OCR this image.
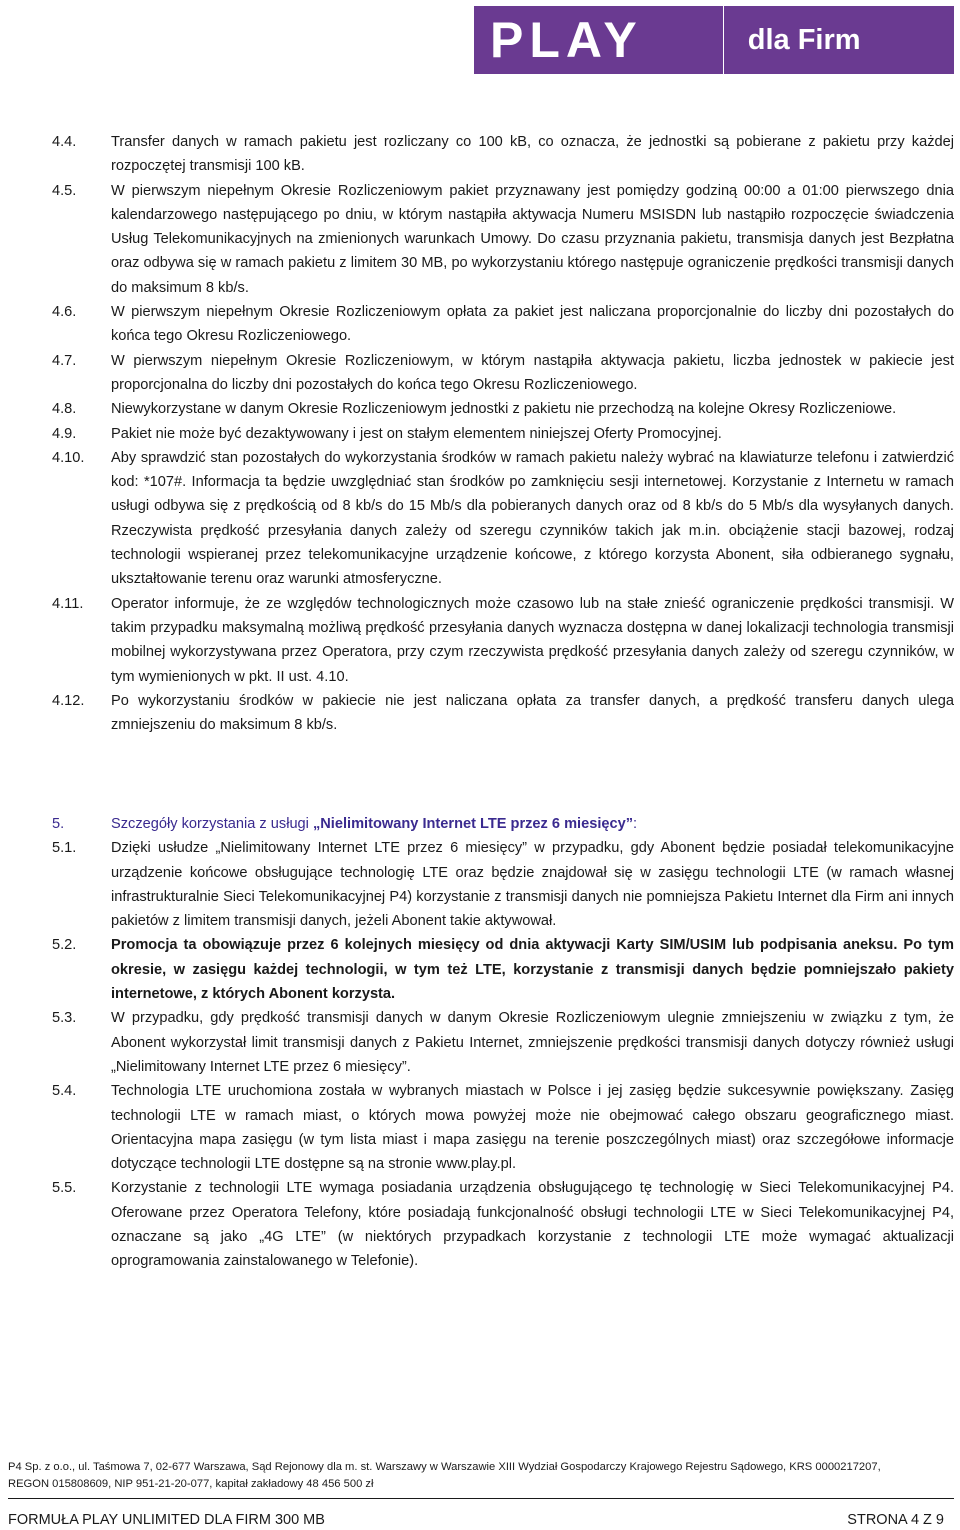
PLAY	dla Firm
4.4.	Transfer danych w ramach pakietu jest rozliczany co 100 kB, co oznacza, że jednostki są pobierane z pakietu przy każdej rozpoczętej transmisji 100 kB.
4.5.	W pierwszym niepełnym Okresie Rozliczeniowym pakiet przyznawany jest pomiędzy godziną 00:00 a 01:00 pierwszego dnia kalendarzowego następującego po dniu, w którym nastąpiła aktywacja Numeru MSISDN lub nastąpiło rozpoczęcie świadczenia Usług Telekomunikacyjnych na zmienionych warunkach Umowy. Do czasu przyznania pakietu, transmisja danych jest Bezpłatna oraz odbywa się w ramach pakietu z limitem 30 MB, po wykorzystaniu którego następuje ograniczenie prędkości transmisji danych do maksimum 8 kb/s.
4.6.	W pierwszym niepełnym Okresie Rozliczeniowym opłata za pakiet jest naliczana proporcjonalnie do liczby dni pozostałych do końca tego Okresu Rozliczeniowego.
4.7.	W pierwszym niepełnym Okresie Rozliczeniowym, w którym nastąpiła aktywacja pakietu, liczba jednostek w pakiecie jest proporcjonalna do liczby dni pozostałych do końca tego Okresu Rozliczeniowego.
4.8.	Niewykorzystane w danym Okresie Rozliczeniowym jednostki z pakietu nie przechodzą na kolejne Okresy Rozliczeniowe.
4.9.	Pakiet nie może być dezaktywowany i jest on stałym elementem niniejszej Oferty Promocyjnej.
4.10.	Aby sprawdzić stan pozostałych do wykorzystania środków w ramach pakietu należy wybrać na klawiaturze telefonu i zatwierdzić kod: *107#. Informacja ta będzie uwzględniać stan środków po zamknięciu sesji internetowej. Korzystanie z Internetu w ramach usługi odbywa się z prędkością od 8 kb/s do 15 Mb/s dla pobieranych danych oraz od 8 kb/s do 5 Mb/s dla wysyłanych danych. Rzeczywista prędkość przesyłania danych zależy od szeregu czynników takich jak m.in. obciążenie stacji bazowej, rodzaj technologii wspieranej przez telekomunikacyjne urządzenie końcowe, z którego korzysta Abonent, siła odbieranego sygnału, ukształtowanie terenu oraz warunki atmosferyczne.
4.11.	Operator informuje, że ze względów technologicznych może czasowo lub na stałe znieść ograniczenie prędkości transmisji. W takim przypadku maksymalną możliwą prędkość przesyłania danych wyznacza dostępna w danej lokalizacji technologia transmisji mobilnej wykorzystywana przez Operatora, przy czym rzeczywista prędkość przesyłania danych zależy od szeregu czynników, w tym wymienionych w pkt. II ust. 4.10.
4.12.	Po wykorzystaniu środków w pakiecie nie jest naliczana opłata za transfer danych, a prędkość transferu danych ulega zmniejszeniu do maksimum 8 kb/s.
5.	Szczegóły korzystania z usługi „Nielimitowany Internet LTE przez 6 miesięcy”:
5.1.	Dzięki usłudze „Nielimitowany Internet LTE przez 6 miesięcy” w przypadku, gdy Abonent będzie posiadał telekomunikacyjne urządzenie końcowe obsługujące technologię LTE oraz będzie znajdował się w zasięgu technologii LTE (w ramach własnej infrastrukturalnie Sieci Telekomunikacyjnej P4) korzystanie z transmisji danych nie pomniejsza Pakietu Internet dla Firm ani innych pakietów z limitem transmisji danych, jeżeli Abonent takie aktywował.
5.2.	Promocja ta obowiązuje przez 6 kolejnych miesięcy od dnia aktywacji Karty SIM/USIM lub podpisania aneksu. Po tym okresie, w zasięgu każdej technologii, w tym też LTE, korzystanie z transmisji danych będzie pomniejszało pakiety internetowe, z których Abonent korzysta.
5.3.	W przypadku, gdy prędkość transmisji danych w danym Okresie Rozliczeniowym ulegnie zmniejszeniu w związku z tym, że Abonent wykorzystał limit transmisji danych z Pakietu Internet, zmniejszenie prędkości transmisji danych dotyczy również usługi „Nielimitowany Internet LTE przez 6 miesięcy”.
5.4.	Technologia LTE uruchomiona została w wybranych miastach w Polsce i jej zasięg będzie sukcesywnie powiększany. Zasięg technologii LTE w ramach miast, o których mowa powyżej może nie obejmować całego obszaru geograficznego miast. Orientacyjna mapa zasięgu (w tym lista miast i mapa zasięgu na terenie poszczególnych miast) oraz szczegółowe informacje dotyczące technologii LTE dostępne są na stronie www.play.pl.
5.5.	Korzystanie z technologii LTE wymaga posiadania urządzenia obsługującego tę technologię w Sieci Telekomunikacyjnej P4. Oferowane przez Operatora Telefony, które posiadają funkcjonalność obsługi technologii LTE w Sieci Telekomunikacyjnej P4, oznaczane są jako „4G LTE” (w niektórych przypadkach korzystanie z technologii LTE może wymagać aktualizacji oprogramowania zainstalowanego w Telefonie).
P4 Sp. z o.o., ul. Taśmowa 7, 02-677 Warszawa, Sąd Rejonowy dla m. st. Warszawy w Warszawie XIII Wydział Gospodarczy Krajowego Rejestru Sądowego, KRS 0000217207,
REGON 015808609, NIP 951-21-20-077, kapitał zakładowy 48 456 500 zł
FORMUŁA PLAY UNLIMITED DLA FIRM 300 MB	STRONA 4 Z 9
